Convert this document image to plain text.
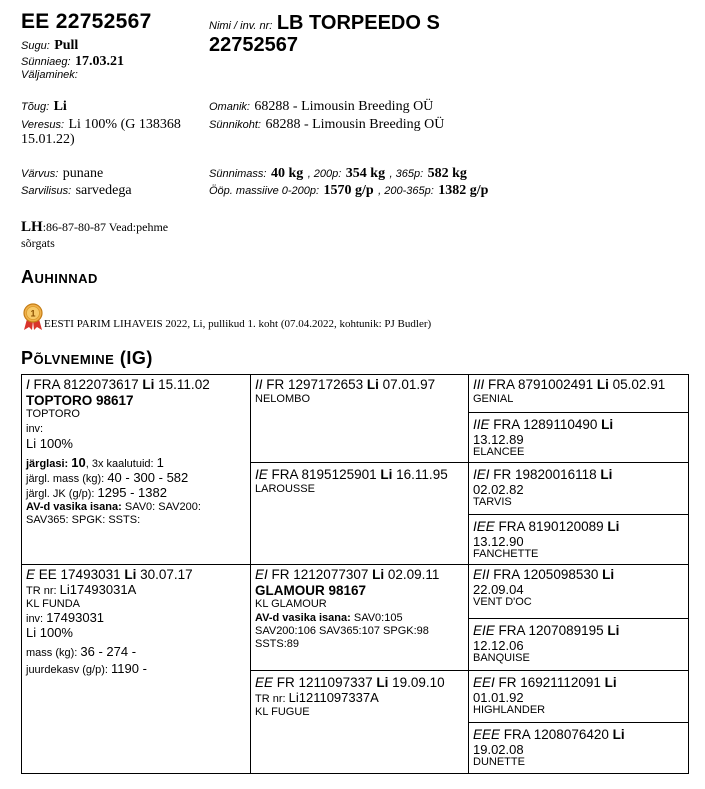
EE 22752567
Sugu: Pull
Sünniaeg: 17.03.21
Väljaminek:
Nimi / inv. nr: LB TORPEEDO S
22752567
Tõug: Li
Veresus: Li 100% (G 138368
15.01.22)
Omanik: 68288 - Limousin Breeding OÜ
Sünnikoht: 68288 - Limousin Breeding OÜ
Värvus: punane
Sarvilisus: sarvedega
Sünnimass: 40 kg , 200p: 354 kg , 365p: 582 kg
Ööp. massiive 0-200p: 1570 g/p , 200-365p: 1382 g/p
LH:86-87-80-87 Vead:pehme
sõrgats
Auhinnad
1
EESTI PARIM LIHAVEIS 2022, Li, pullikud 1. koht (07.04.2022, kohtunik: PJ Budler)
Põlvnemine (IG)
I FRA 8122073617 Li 15.11.02
TOPTORO 98617
TOPTORO
inv:
Li 100%
järglasi: 10, 3x kaalutuid: 1
järgl. mass (kg): 40 - 300 - 582
järgl. JK (g/p): 1295 - 1382
AV-d vasika isana: SAV0: SAV200:
SAV365: SPGK: SSTS:
E EE 17493031 Li 30.07.17
TR nr: Li17493031A
KL FUNDA
inv: 17493031
Li 100%
mass (kg): 36 - 274 -
juurdekasv (g/p): 1190 -
II FR 1297172653 Li 07.01.97
NELOMBO
IE FRA 8195125901 Li 16.11.95
LAROUSSE
EI FR 1212077307 Li 02.09.11
GLAMOUR 98167
KL GLAMOUR
AV-d vasika isana: SAV0:105
SAV200:106 SAV365:107 SPGK:98
SSTS:89
EE FR 1211097337 Li 19.09.10
TR nr: Li1211097337A
KL FUGUE
III FRA 8791002491 Li 05.02.91
GENIAL
IIE FRA 1289110490 Li
13.12.89
ELANCEE
IEI FR 19820016118 Li
02.02.82
TARVIS
IEE FRA 8190120089 Li
13.12.90
FANCHETTE
EII FRA 1205098530 Li
22.09.04
VENT D'OC
EIE FRA 1207089195 Li
12.12.06
BANQUISE
EEI FR 16921112091 Li
01.01.92
HIGHLANDER
EEE FRA 1208076420 Li
19.02.08
DUNETTE
